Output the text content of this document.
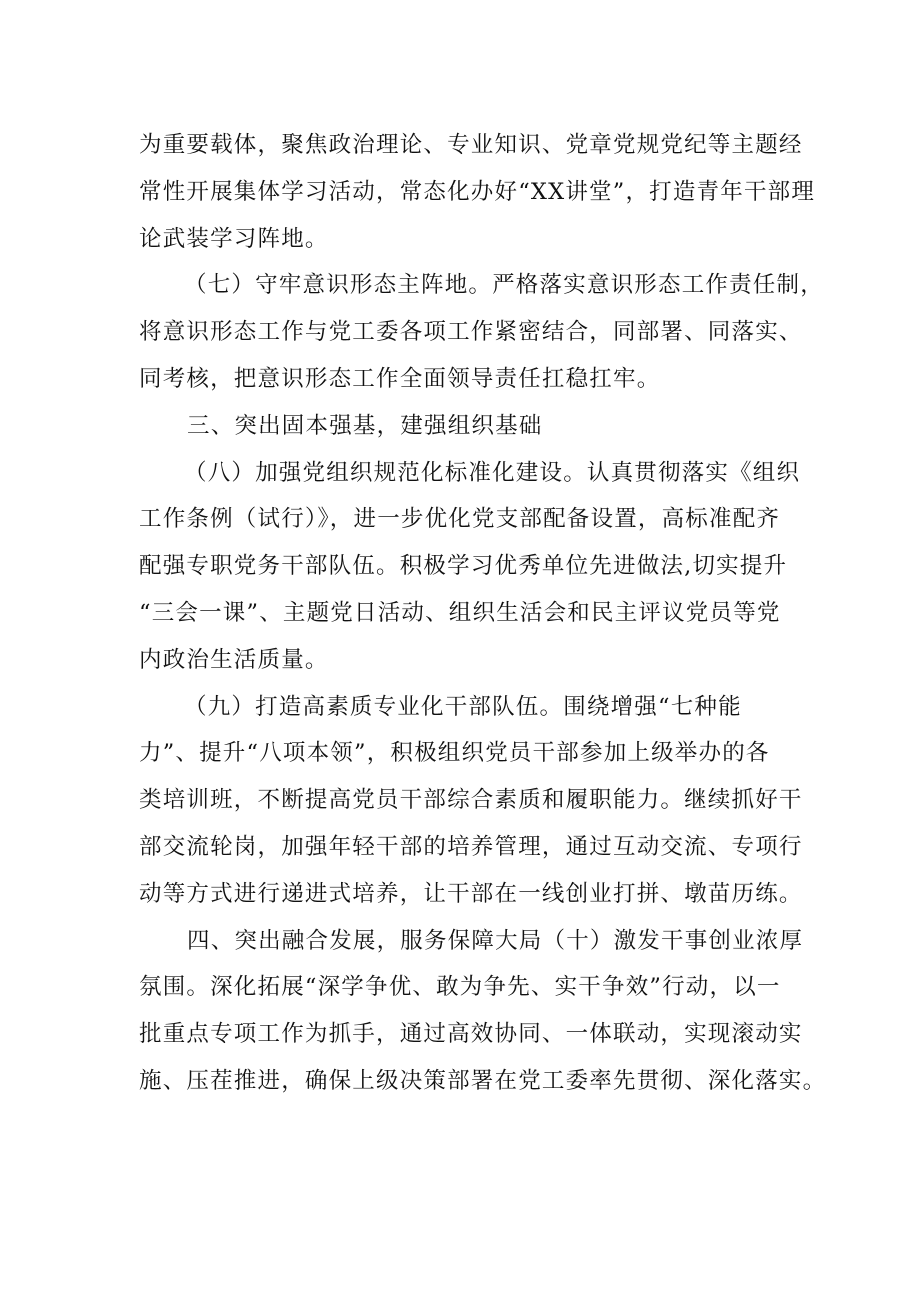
为重要载体，聚焦政治理论、专业知识、党章党规党纪等主题经
常性开展集体学习活动，常态化办好“XX讲堂”，打造青年干部理
论武装学习阵地。
（七）守牢意识形态主阵地。严格落实意识形态工作责任制，
将意识形态工作与党工委各项工作紧密结合，同部署、同落实、
同考核，把意识形态工作全面领导责任扛稳扛牢。
三、突出固本强基，建强组织基础
（八）加强党组织规范化标准化建设。认真贯彻落实《组织
工作条例（试行）》，进一步优化党支部配备设置，高标准配齐
配强专职党务干部队伍。积极学习优秀单位先进做法,切实提升
“三会一课”、主题党日活动、组织生活会和民主评议党员等党
内政治生活质量。
（九）打造高素质专业化干部队伍。围绕增强“七种能
力”、提升“八项本领”，积极组织党员干部参加上级举办的各
类培训班，不断提高党员干部综合素质和履职能力。继续抓好干
部交流轮岗，加强年轻干部的培养管理，通过互动交流、专项行
动等方式进行递进式培养，让干部在一线创业打拼、墩苗历练。
四、突出融合发展，服务保障大局（十）激发干事创业浓厚
氛围。深化拓展“深学争优、敢为争先、实干争效”行动，以一
批重点专项工作为抓手，通过高效协同、一体联动，实现滚动实
施、压茬推进，确保上级决策部署在党工委率先贯彻、深化落实。
